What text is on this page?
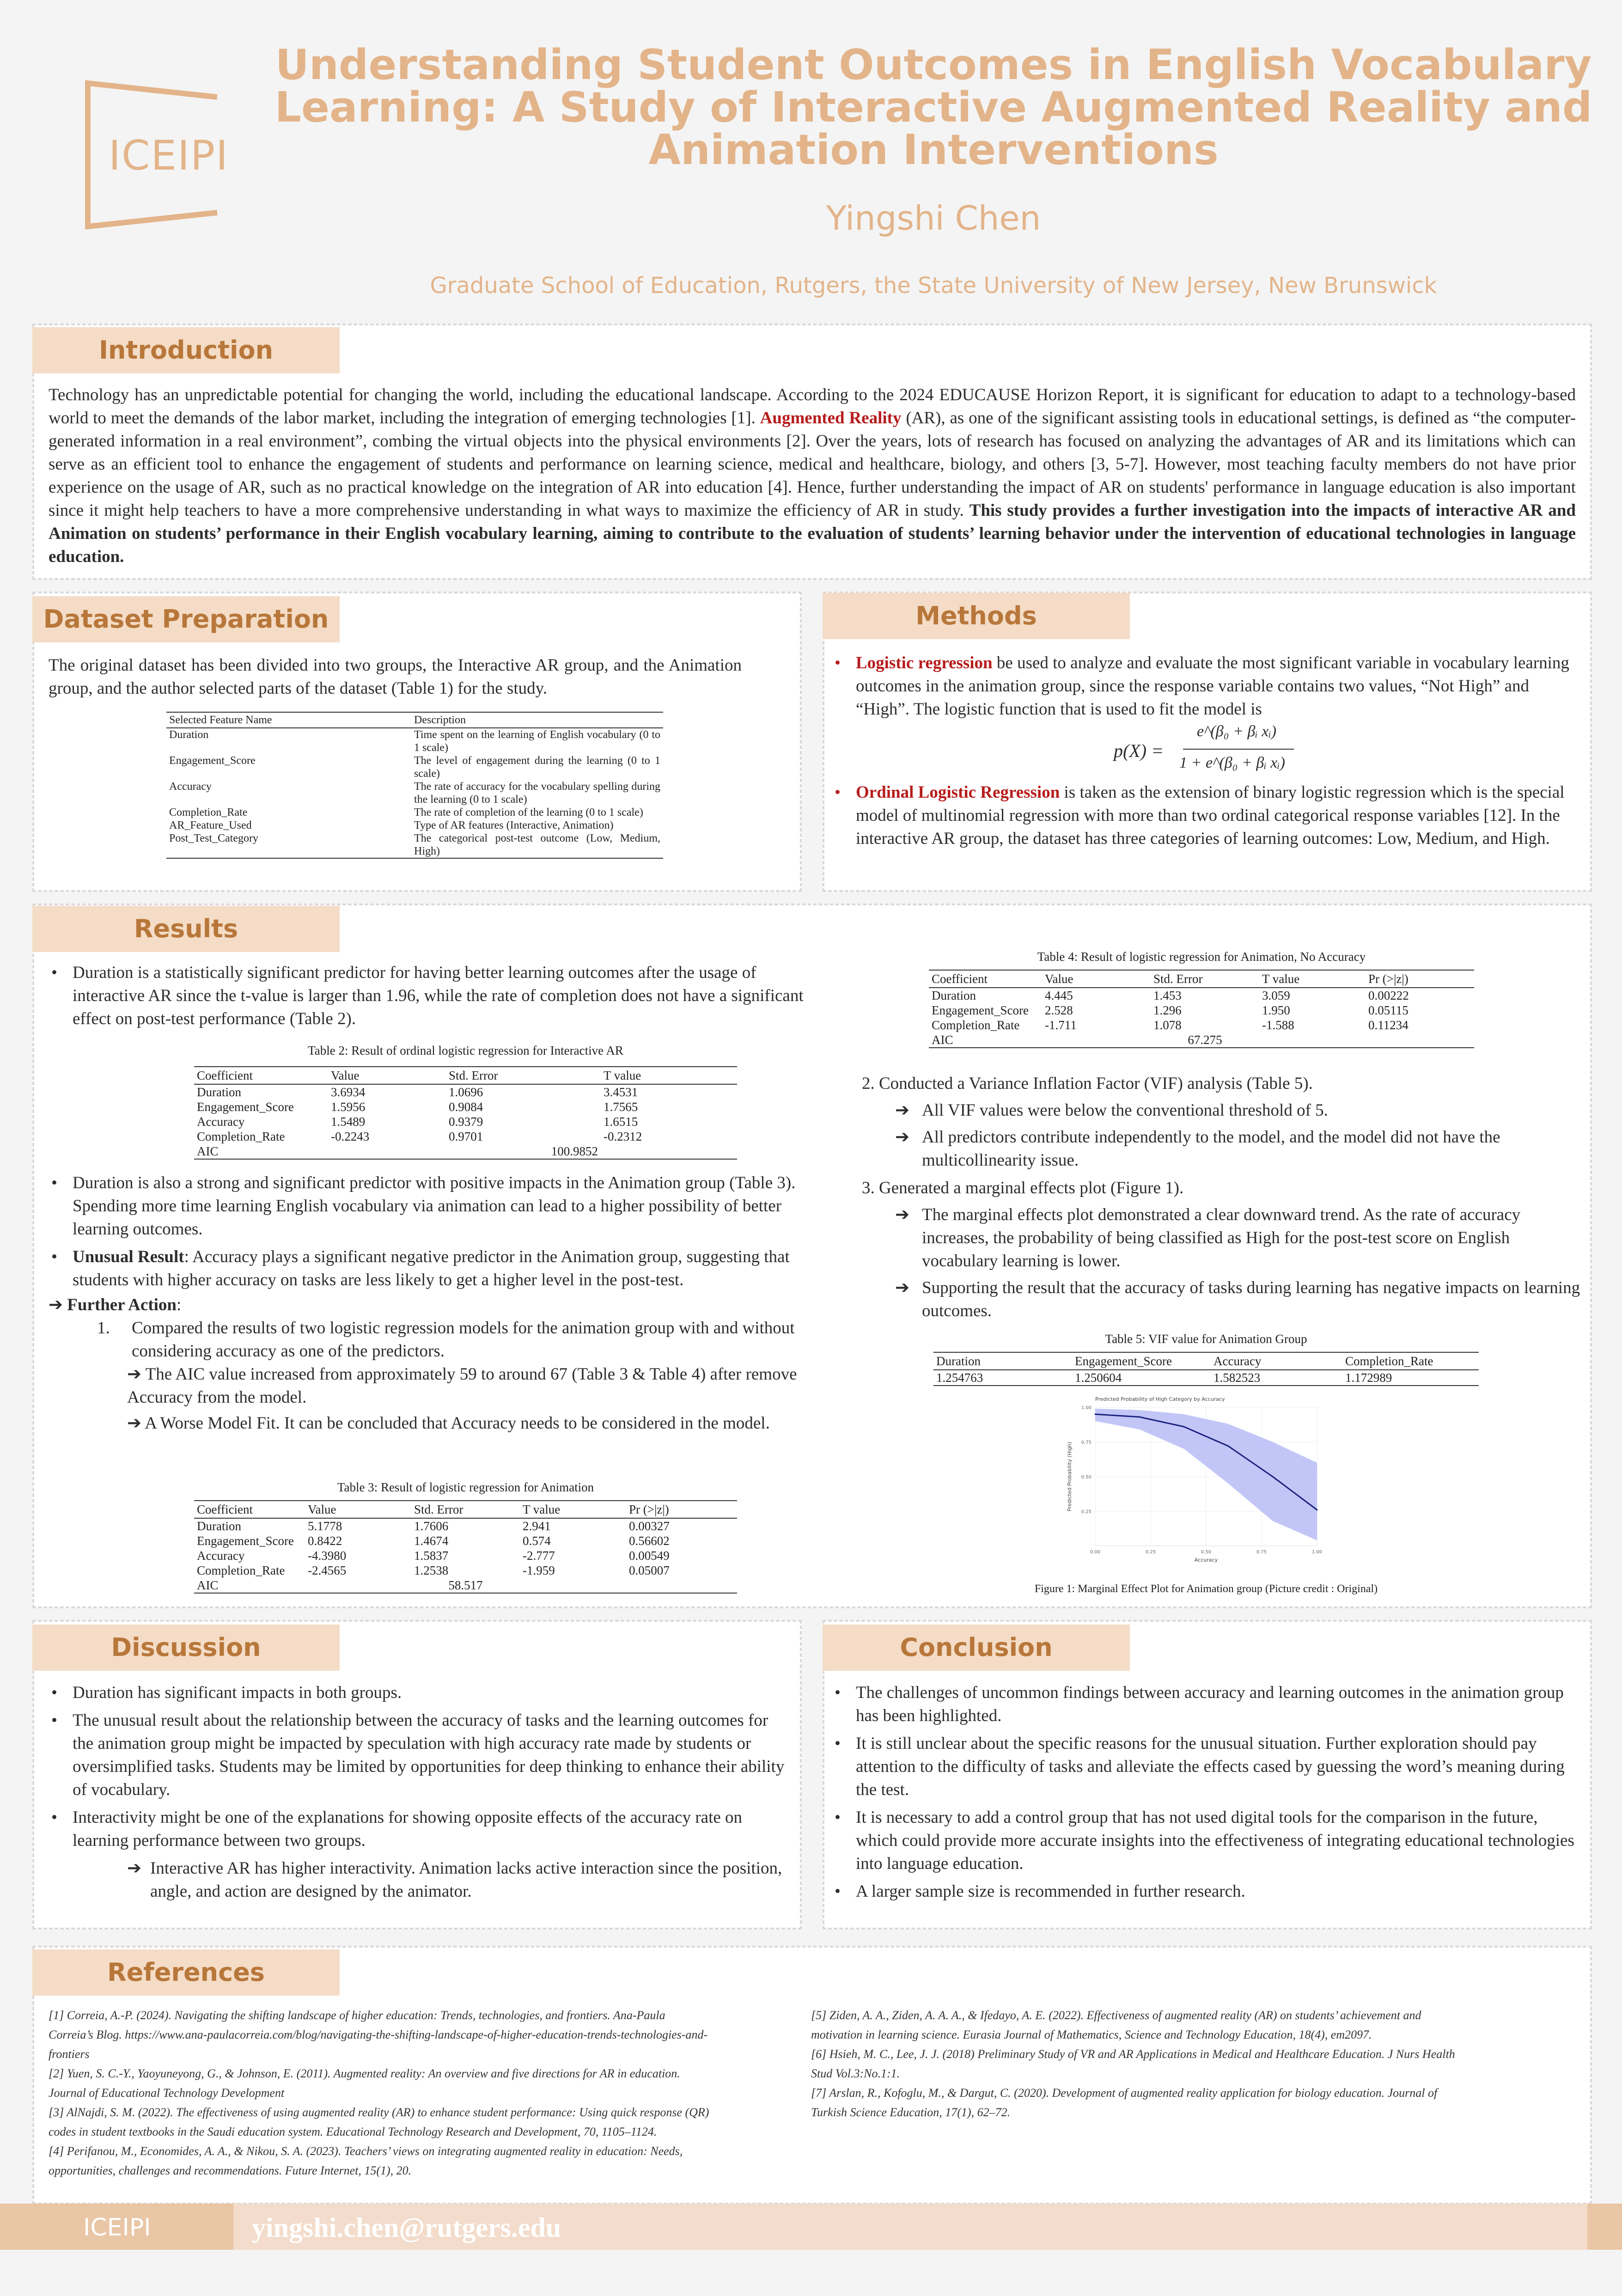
ICEIPI
Understanding Student Outcomes in English Vocabulary
Learning: A Study of Interactive Augmented Reality and
Animation Interventions
Yingshi Chen
Graduate School of Education, Rutgers, the State University of New Jersey, New Brunswick
Introduction
Technology has an unpredictable potential for changing the world, including the educational landscape. According to the 2024 EDUCAUSE Horizon Report, it is significant for education to adapt to a technology-based world to meet the demands of the labor market, including the integration of emerging technologies [1]. Augmented Reality (AR), as one of the significant assisting tools in educational settings, is defined as “the computer-generated information in a real environment”, combing the virtual objects into the physical environments [2]. Over the years, lots of research has focused on analyzing the advantages of AR and its limitations which can serve as an efficient tool to enhance the engagement of students and performance on learning science, medical and healthcare, biology, and others [3, 5-7]. However, most teaching faculty members do not have prior experience on the usage of AR, such as no practical knowledge on the integration of AR into education [4]. Hence, further understanding the impact of AR on students' performance in language education is also important since it might help teachers to have a more comprehensive understanding in what ways to maximize the efficiency of AR in study. This study provides a further investigation into the impacts of interactive AR and Animation on students’ performance in their English vocabulary learning, aiming to contribute to the evaluation of students’ learning behavior under the intervention of educational technologies in language education.
Dataset Preparation
The original dataset has been divided into two groups, the Interactive AR group, and the Animation group, and the author selected parts of the dataset (Table 1) for the study.
Selected Feature Name	Description
Duration	Time spent on the learning of English vocabulary (0 to 1 scale)
Engagement_Score	The level of engagement during the learning (0 to 1 scale)
Accuracy	The rate of accuracy for the vocabulary spelling during the learning (0 to 1 scale)
Completion_Rate	The rate of completion of the learning (0 to 1 scale)
AR_Feature_Used	Type of AR features (Interactive, Animation)
Post_Test_Category	The categorical post-test outcome (Low, Medium, High)
Methods
• Logistic regression be used to analyze and evaluate the most significant variable in vocabulary learning outcomes in the animation group, since the response variable contains two values, “Not High” and “High”. The logistic function that is used to fit the model is
p(X) =
e^(β₀ + βᵢ xᵢ)
1 + e^(β₀ + βᵢ xᵢ)
• Ordinal Logistic Regression is taken as the extension of binary logistic regression which is the special model of multinomial regression with more than two ordinal categorical response variables [12]. In the interactive AR group, the dataset has three categories of learning outcomes: Low, Medium, and High.
Results
• Duration is a statistically significant predictor for having better learning outcomes after the usage of interactive AR since the t-value is larger than 1.96, while the rate of completion does not have a significant effect on post-test performance (Table 2).
Table 2: Result of ordinal logistic regression for Interactive AR
Coefficient	Value	Std. Error	T value
Duration	3.6934	1.0696	3.4531
Engagement_Score	1.5956	0.9084	1.7565
Accuracy	1.5489	0.9379	1.6515
Completion_Rate	-0.2243	0.9701	-0.2312
AIC		100.9852	
• Duration is also a strong and significant predictor with positive impacts in the Animation group (Table 3). Spending more time learning English vocabulary via animation can lead to a higher possibility of better learning outcomes.
• Unusual Result: Accuracy plays a significant negative predictor in the Animation group, suggesting that students with higher accuracy on tasks are less likely to get a higher level in the post-test.
➔ Further Action:
1. Compared the results of two logistic regression models for the animation group with and without considering accuracy as one of the predictors.
➔ The AIC value increased from approximately 59 to around 67 (Table 3 & Table 4) after remove Accuracy from the model.
➔ A Worse Model Fit. It can be concluded that Accuracy needs to be considered in the model.
Table 3: Result of logistic regression for Animation
Coefficient	Value	Std. Error	T value	Pr (>|z|)
Duration	5.1778	1.7606	2.941	0.00327
Engagement_Score	0.8422	1.4674	0.574	0.56602
Accuracy	-4.3980	1.5837	-2.777	0.00549
Completion_Rate	-2.4565	1.2538	-1.959	0.05007
AIC		58.517		
Table 4: Result of logistic regression for Animation, No Accuracy
Coefficient	Value	Std. Error	T value	Pr (>|z|)
Duration	4.445	1.453	3.059	0.00222
Engagement_Score	2.528	1.296	1.950	0.05115
Completion_Rate	-1.711	1.078	-1.588	0.11234
AIC		67.275		
2. Conducted a Variance Inflation Factor (VIF) analysis (Table 5).
➔ All VIF values were below the conventional threshold of 5.
➔ All predictors contribute independently to the model, and the model did not have the multicollinearity issue.
3. Generated a marginal effects plot (Figure 1).
➔ The marginal effects plot demonstrated a clear downward trend. As the rate of accuracy increases, the probability of being classified as High for the post-test score on English vocabulary learning is lower.
➔ Supporting the result that the accuracy of tasks during learning has negative impacts on learning outcomes.
Table 5: VIF value for Animation Group
Duration	Engagement_Score	Accuracy	Completion_Rate
1.254763	1.250604	1.582523	1.172989
0.25
0.50
0.75
1.00
0.00	0.25	0.50	0.75	1.00
Predicted Probability of High Category by Accuracy
Accuracy
Predicted Probability (High)
Figure 1: Marginal Effect Plot for Animation group (Picture credit : Original)
Discussion
• Duration has significant impacts in both groups.
• The unusual result about the relationship between the accuracy of tasks and the learning outcomes for the animation group might be impacted by speculation with high accuracy rate made by students or oversimplified tasks. Students may be limited by opportunities for deep thinking to enhance their ability of vocabulary.
• Interactivity might be one of the explanations for showing opposite effects of the accuracy rate on learning performance between two groups.
➔ Interactive AR has higher interactivity. Animation lacks active interaction since the position, angle, and action are designed by the animator.
Conclusion
• The challenges of uncommon findings between accuracy and learning outcomes in the animation group has been highlighted.
• It is still unclear about the specific reasons for the unusual situation. Further exploration should pay attention to the difficulty of tasks and alleviate the effects cased by guessing the word’s meaning during the test.
• It is necessary to add a control group that has not used digital tools for the comparison in the future, which could provide more accurate insights into the effectiveness of integrating educational technologies into language education.
• A larger sample size is recommended in further research.
References
[1] Correia, A.-P. (2024). Navigating the shifting landscape of higher education: Trends, technologies, and frontiers. Ana-Paula Correia’s Blog. https://www.ana-paulacorreia.com/blog/navigating-the-shifting-landscape-of-higher-education-trends-technologies-and-frontiers
[2] Yuen, S. C.-Y., Yaoyuneyong, G., & Johnson, E. (2011). Augmented reality: An overview and five directions for AR in education. Journal of Educational Technology Development
[3] AlNajdi, S. M. (2022). The effectiveness of using augmented reality (AR) to enhance student performance: Using quick response (QR) codes in student textbooks in the Saudi education system. Educational Technology Research and Development, 70, 1105–1124.
[4] Perifanou, M., Economides, A. A., & Nikou, S. A. (2023). Teachers’ views on integrating augmented reality in education: Needs, opportunities, challenges and recommendations. Future Internet, 15(1), 20.
[5] Ziden, A. A., Ziden, A. A. A., & Ifedayo, A. E. (2022). Effectiveness of augmented reality (AR) on students’ achievement and motivation in learning science. Eurasia Journal of Mathematics, Science and Technology Education, 18(4), em2097.
[6] Hsieh, M. C., Lee, J. J. (2018) Preliminary Study of VR and AR Applications in Medical and Healthcare Education. J Nurs Health Stud Vol.3:No.1:1.
[7] Arslan, R., Kofoglu, M., & Dargut, C. (2020). Development of augmented reality application for biology education. Journal of Turkish Science Education, 17(1), 62–72.
ICEIPI	yingshi.chen@rutgers.edu
